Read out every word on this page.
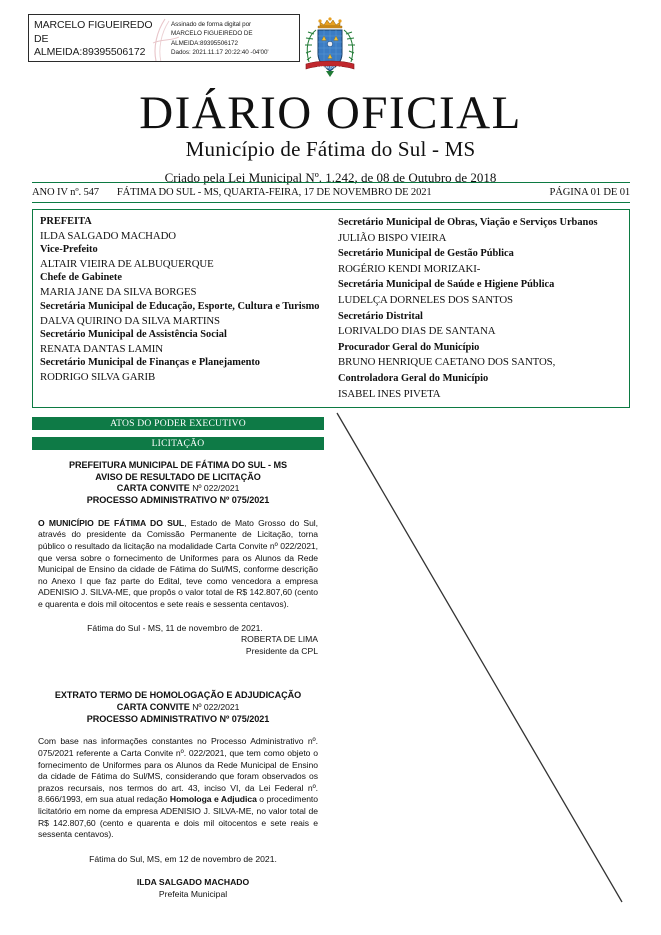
MARCELO FIGUEIREDO
DE
ALMEIDA:89395506172
Assinado de forma digital por
MARCELO FIGUEIREDO DE
ALMEIDA:89395506172
Dados: 2021.11.17 20:22:40 -04'00'
FATIMA DO SUL
DIÁRIO OFICIAL
Município de Fátima do Sul - MS
Criado pela Lei Municipal Nº. 1.242, de 08 de Outubro de 2018
ANO IV nº. 547	FÁTIMA DO SUL - MS, QUARTA-FEIRA, 17 DE NOVEMBRO DE 2021	PÁGINA 01 DE 01
PREFEITA
ILDA SALGADO MACHADO
Vice-Prefeito
ALTAIR VIEIRA DE ALBUQUERQUE
Chefe de Gabinete
MARIA JANE DA SILVA BORGES
Secretária Municipal de Educação, Esporte, Cultura e Turismo
DALVA QUIRINO DA SILVA MARTINS
Secretário Municipal de Assistência Social
RENATA DANTAS LAMIN
Secretário Municipal de Finanças e Planejamento
RODRIGO SILVA GARIB
Secretário Municipal de Obras, Viação e Serviços Urbanos
JULIÃO BISPO VIEIRA
Secretário Municipal de Gestão Pública
ROGÉRIO KENDI MORIZAKI-
Secretária Municipal de Saúde e Higiene Pública
LUDELÇA DORNELES DOS SANTOS
Secretário Distrital
LORIVALDO DIAS DE SANTANA
Procurador Geral do Município
BRUNO HENRIQUE CAETANO DOS SANTOS,
Controladora Geral do Município
ISABEL INES PIVETA
ATOS DO PODER EXECUTIVO
LICITAÇÃO
PREFEITURA MUNICIPAL DE FÁTIMA DO SUL - MS
AVISO DE RESULTADO DE LICITAÇÃO
CARTA CONVITE Nº 022/2021
PROCESSO ADMINISTRATIVO Nº 075/2021
O MUNICÍPIO DE FÁTIMA DO SUL, Estado de Mato Grosso do Sul, através do presidente da Comissão Permanente de Licitação, torna público o resultado da licitação na modalidade Carta Convite nº 022/2021, que versa sobre o fornecimento de Uniformes para os Alunos da Rede Municipal de Ensino da cidade de Fátima do Sul/MS, conforme descrição no Anexo I que faz parte do Edital, teve como vencedora a empresa ADENISIO J. SILVA-ME, que propôs o valor total de R$ 142.807,60 (cento e quarenta e dois mil oitocentos e sete reais e sessenta centavos).
Fátima do Sul - MS, 11 de novembro de 2021.
ROBERTA DE LIMA
Presidente da CPL
EXTRATO TERMO DE HOMOLOGAÇÃO E ADJUDICAÇÃO
CARTA CONVITE Nº 022/2021
PROCESSO ADMINISTRATIVO Nº 075/2021
Com base nas informações constantes no Processo Administrativo nº. 075/2021 referente a Carta Convite nº. 022/2021, que tem como objeto o fornecimento de Uniformes para os Alunos da Rede Municipal de Ensino da cidade de Fátima do Sul/MS, considerando que foram observados os prazos recursais, nos termos do art. 43, inciso VI, da Lei Federal nº. 8.666/1993, em sua atual redação Homologa e Adjudica o procedimento licitatório em nome da empresa ADENISIO J. SILVA-ME, no valor total de R$ 142.807,60 (cento e quarenta e dois mil oitocentos e sete reais e sessenta centavos).
Fátima do Sul, MS, em 12 de novembro de 2021.
ILDA SALGADO MACHADO
Prefeita Municipal
